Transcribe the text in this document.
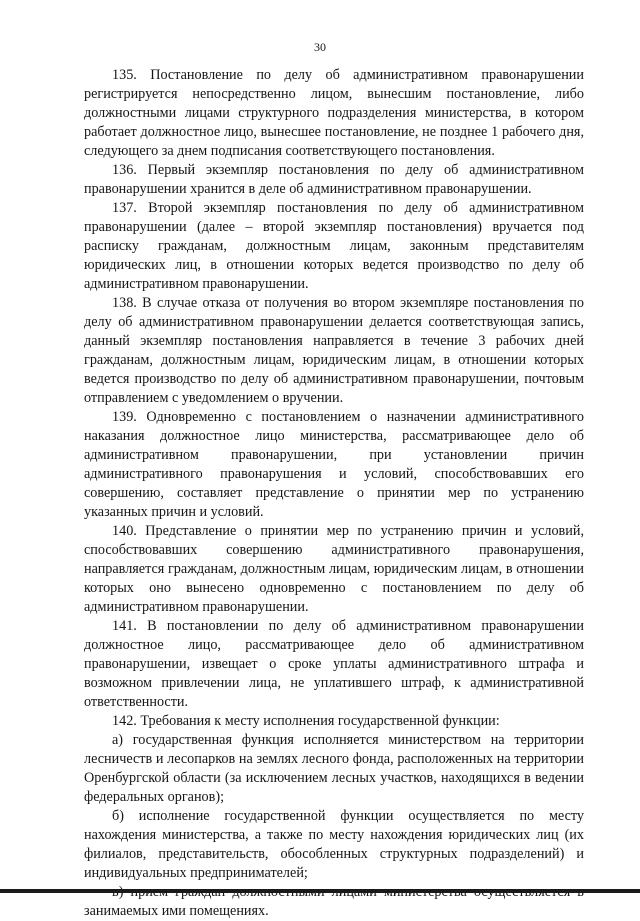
30

135. Постановление по делу об административном правонарушении регистрируется непосредственно лицом, вынесшим постановление, либо должностными лицами структурного подразделения министерства, в котором работает должностное лицо, вынесшее постановление, не позднее 1 рабочего дня, следующего за днем подписания соответствующего постановления.

136. Первый экземпляр постановления по делу об административном правонарушении хранится в деле об административном правонарушении.

137. Второй экземпляр постановления по делу об административном правонарушении (далее – второй экземпляр постановления) вручается под расписку гражданам, должностным лицам, законным представителям юридических лиц, в отношении которых ведется производство по делу об административном правонарушении.

138. В случае отказа от получения во втором экземпляре постановления по делу об административном правонарушении делается соответствующая запись, данный экземпляр постановления направляется в течение 3 рабочих дней гражданам, должностным лицам, юридическим лицам, в отношении которых ведется производство по делу об административном правонарушении, почтовым отправлением с уведомлением о вручении.

139. Одновременно с постановлением о назначении административного наказания должностное лицо министерства, рассматривающее дело об административном правонарушении, при установлении причин административного правонарушения и условий, способствовавших его совершению, составляет представление о принятии мер по устранению указанных причин и условий.

140. Представление о принятии мер по устранению причин и условий, способствовавших совершению административного правонарушения, направляется гражданам, должностным лицам, юридическим лицам, в отношении которых оно вынесено одновременно с постановлением по делу об административном правонарушении.

141. В постановлении по делу об административном правонарушении должностное лицо, рассматривающее дело об административном правонарушении, извещает о сроке уплаты административного штрафа и возможном привлечении лица, не уплатившего штраф, к административной ответственности.

142. Требования к месту исполнения государственной функции:

а) государственная функция исполняется министерством на территории лесничеств и лесопарков на землях лесного фонда, расположенных на территории Оренбургской области (за исключением лесных участков, находящихся в ведении федеральных органов);

б) исполнение государственной функции осуществляется по месту нахождения министерства, а также по месту нахождения юридических лиц (их филиалов, представительств, обособленных структурных подразделений) и индивидуальных предпринимателей;

занимаемых ими помещениях.
